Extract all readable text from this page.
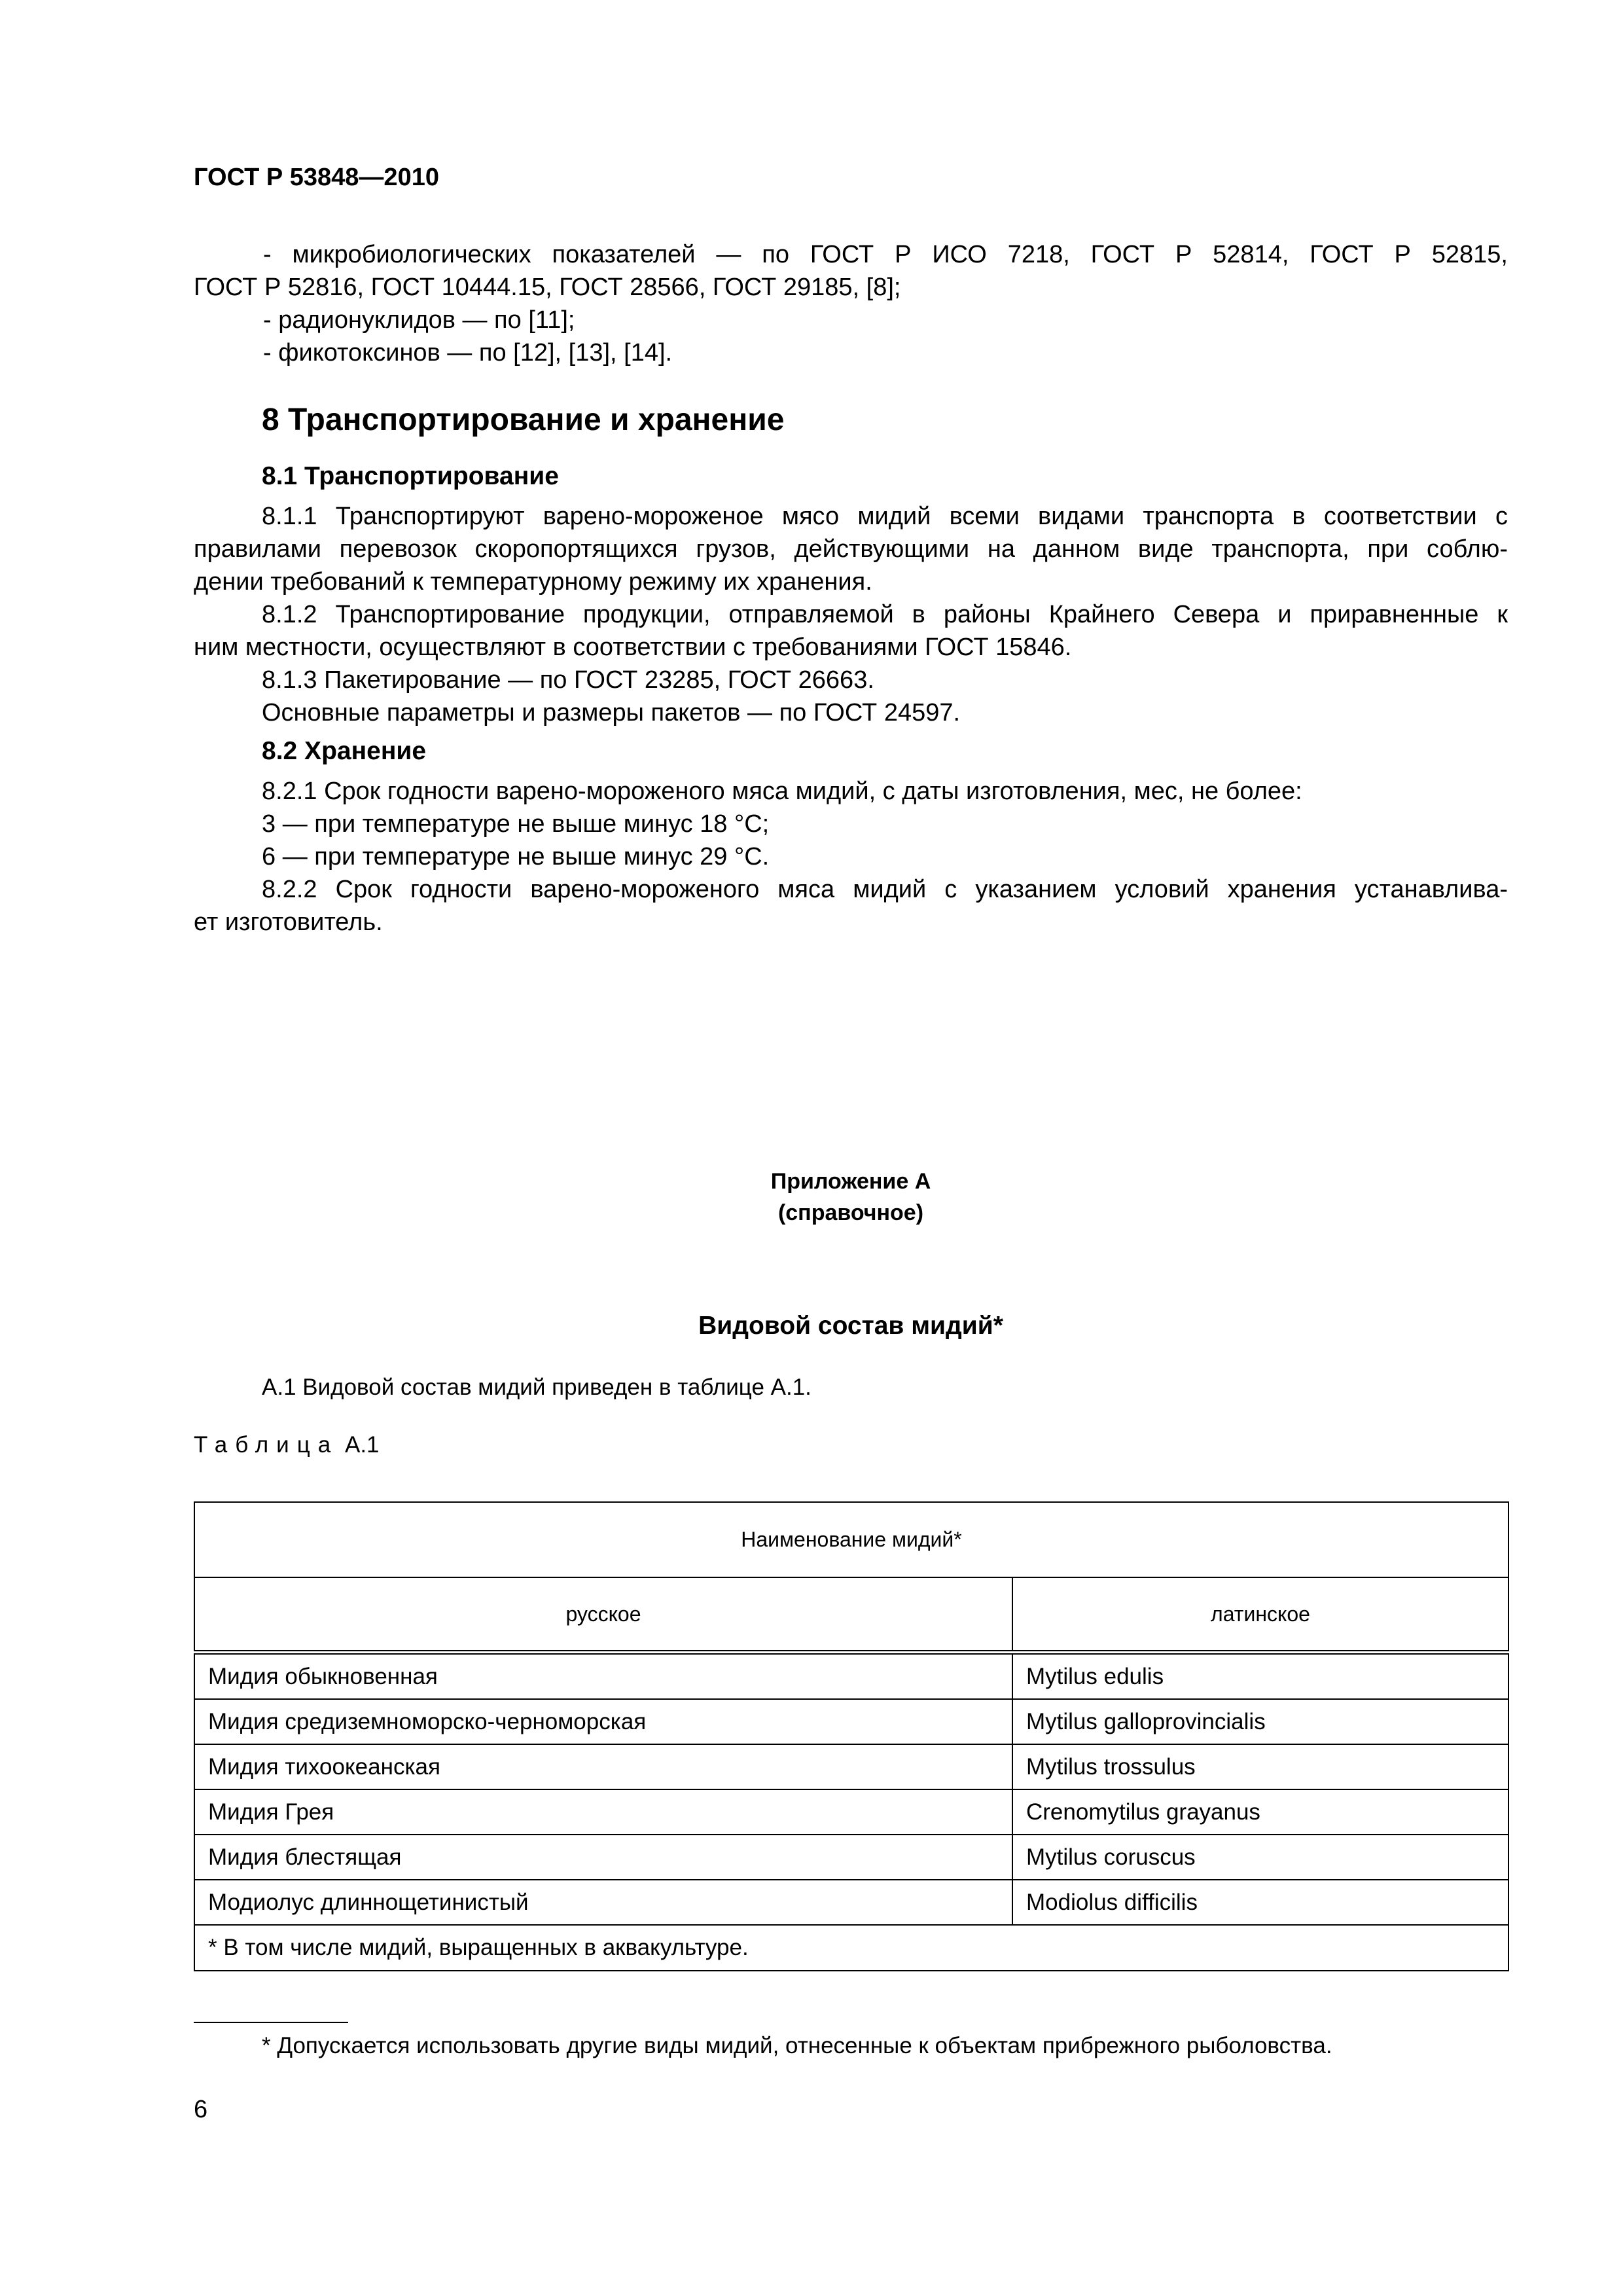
ГОСТ Р 53848—2010
- микробиологических показателей — по ГОСТ Р ИСО 7218, ГОСТ Р 52814, ГОСТ Р 52815,
ГОСТ Р 52816, ГОСТ 10444.15, ГОСТ 28566, ГОСТ 29185, [8];
- радионуклидов — по [11];
- фикотоксинов — по [12], [13], [14].
8 Транспортирование и хранение
8.1 Транспортирование
8.1.1 Транспортируют варено-мороженое мясо мидий всеми видами транспорта в соответствии с
правилами перевозок скоропортящихся грузов, действующими на данном виде транспорта, при соблю-
дении требований к температурному режиму их хранения.
8.1.2 Транспортирование продукции, отправляемой в районы Крайнего Севера и приравненные к
ним местности, осуществляют в соответствии с требованиями ГОСТ 15846.
8.1.3 Пакетирование — по ГОСТ 23285, ГОСТ 26663.
Основные параметры и размеры пакетов — по ГОСТ 24597.
8.2 Хранение
8.2.1 Срок годности варено-мороженого мяса мидий, с даты изготовления, мес, не более:
3 — при температуре не выше минус 18 °С;
6 — при температуре не выше минус 29 °С.
8.2.2 Срок годности варено-мороженого мяса мидий с указанием условий хранения устанавлива-
ет изготовитель.
Приложение А
(справочное)
Видовой состав мидий*
А.1 Видовой состав мидий приведен в таблице А.1.
Таблица А.1
Наименование мидий*	
русское	латинское
Мидия обыкновенная	Mytilus edulis
Мидия средиземноморско-черноморская	Mytilus galloprovincialis
Мидия тихоокеанская	Mytilus trossulus
Мидия Грея	Crenomytilus grayanus
Мидия блестящая	Mytilus coruscus
Модиолус длиннощетинистый	Modiolus difficilis
* В том числе мидий, выращенных в аквакультуре.	
* Допускается использовать другие виды мидий, отнесенные к объектам прибрежного рыболовства.
6
